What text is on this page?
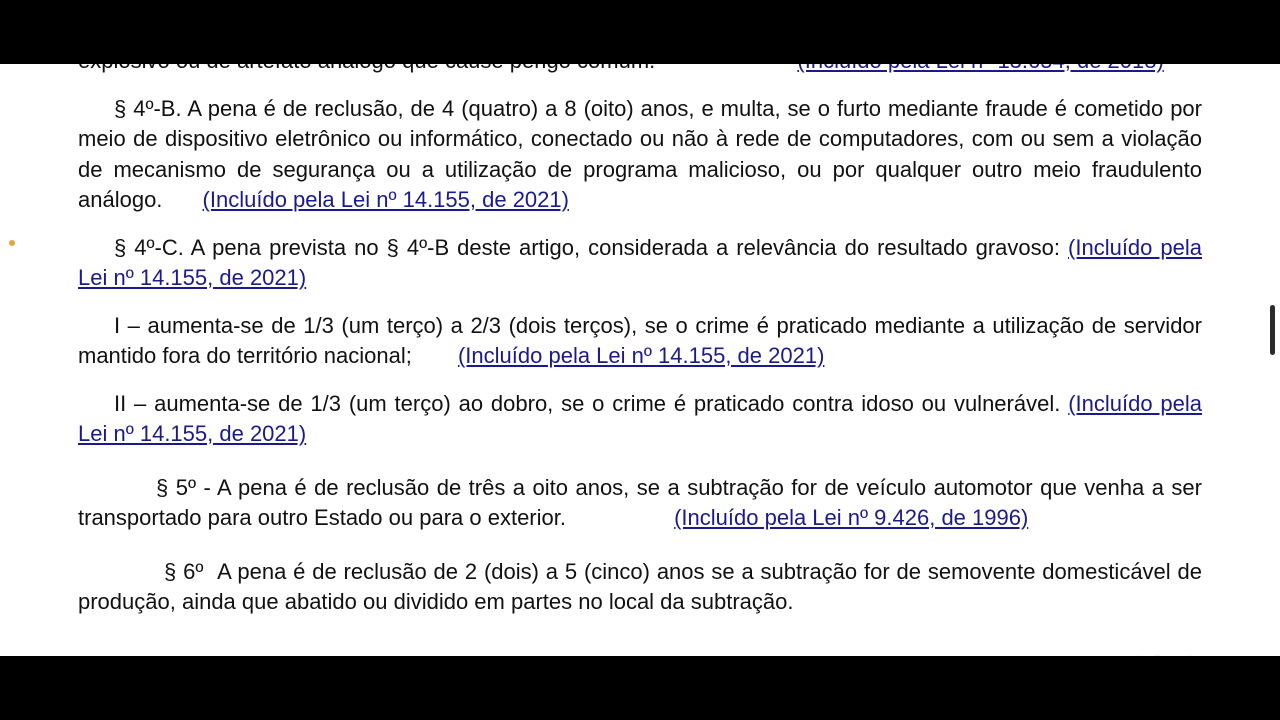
§ 4º-B. A pena é de reclusão, de 4 (quatro) a 8 (oito) anos, e multa, se o furto mediante fraude é cometido por meio de dispositivo eletrônico ou informático, conectado ou não à rede de computadores, com ou sem a violação de mecanismo de segurança ou a utilização de programa malicioso, ou por qualquer outro meio fraudulento análogo. (Incluído pela Lei nº 14.155, de 2021)

§ 4º-C. A pena prevista no § 4º-B deste artigo, considerada a relevância do resultado gravoso: (Incluído pela Lei nº 14.155, de 2021)

I – aumenta-se de 1/3 (um terço) a 2/3 (dois terços), se o crime é praticado mediante a utilização de servidor mantido fora do território nacional; (Incluído pela Lei nº 14.155, de 2021)

II – aumenta-se de 1/3 (um terço) ao dobro, se o crime é praticado contra idoso ou vulnerável. (Incluído pela Lei nº 14.155, de 2021)

§ 5º - A pena é de reclusão de três a oito anos, se a subtração for de veículo automotor que venha a ser transportado para outro Estado ou para o exterior.	(Incluído pela Lei nº 9.426, de 1996)

§ 6º A pena é de reclusão de 2 (dois) a 5 (cinco) anos se a subtração for de semovente domesticável de produção, ainda que abatido ou dividido em partes no local da subtração.
